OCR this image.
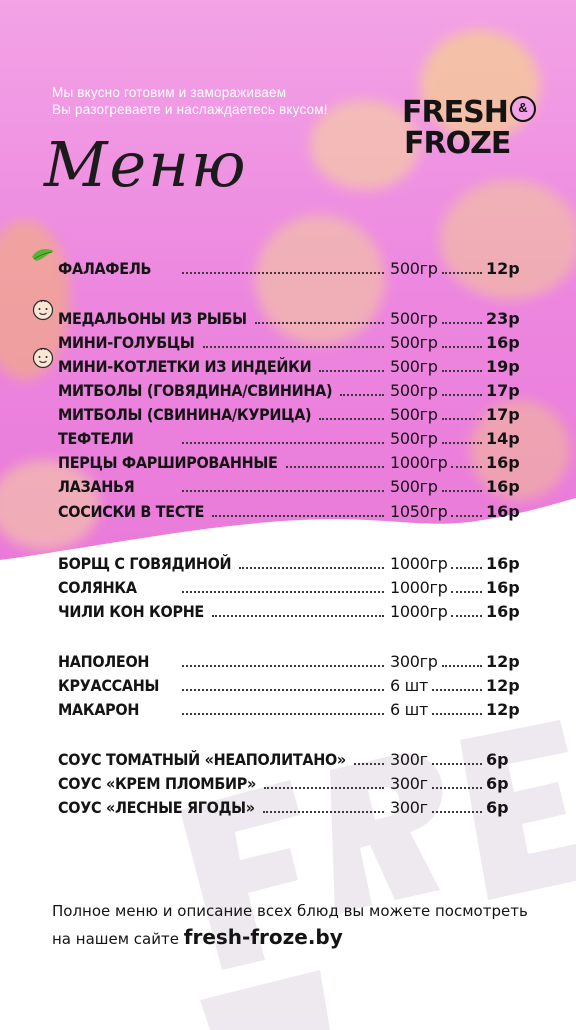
Мы вкусно готовим и замораживаем
Вы разогреваете и наслаждаетесь вкусом!
Меню
FRESH &
FROZE
ФАЛАФЕЛЬ	500гр	12р
МЕДАЛЬОНЫ ИЗ РЫБЫ	500гр	23р
МИНИ-ГОЛУБЦЫ	500гр	16р
МИНИ-КОТЛЕТКИ ИЗ ИНДЕЙКИ	500гр	19р
МИТБОЛЫ (ГОВЯДИНА/СВИНИНА)	500гр	17р
МИТБОЛЫ (СВИНИНА/КУРИЦА)	500гр	17р
ТЕФТЕЛИ	500гр	14р
ПЕРЦЫ ФАРШИРОВАННЫЕ	1000гр 16р
ЛАЗАНЬЯ	500гр	16р
СОСИСКИ В ТЕСТЕ	1050гр 16р
БОРЩ С ГОВЯДИНОЙ	1000гр 16р
СОЛЯНКА	1000гр 16р
ЧИЛИ КОН КОРНЕ	1000гр 16р
НАПОЛЕОН	300гр	12р
КРУАССАНЫ	6 шт	12р
МАКАРОН	6 шт	12р
СОУС ТОМАТНЫЙ «НЕАПОЛИТАНО»	300г	6р
СОУС «КРЕМ ПЛОМБИР»	300г	6р
СОУС «ЛЕСНЫЕ ЯГОДЫ»	300г	6р
Полное меню и описание всех блюд вы можете посмотреть
на нашем сайте fresh-froze.by
